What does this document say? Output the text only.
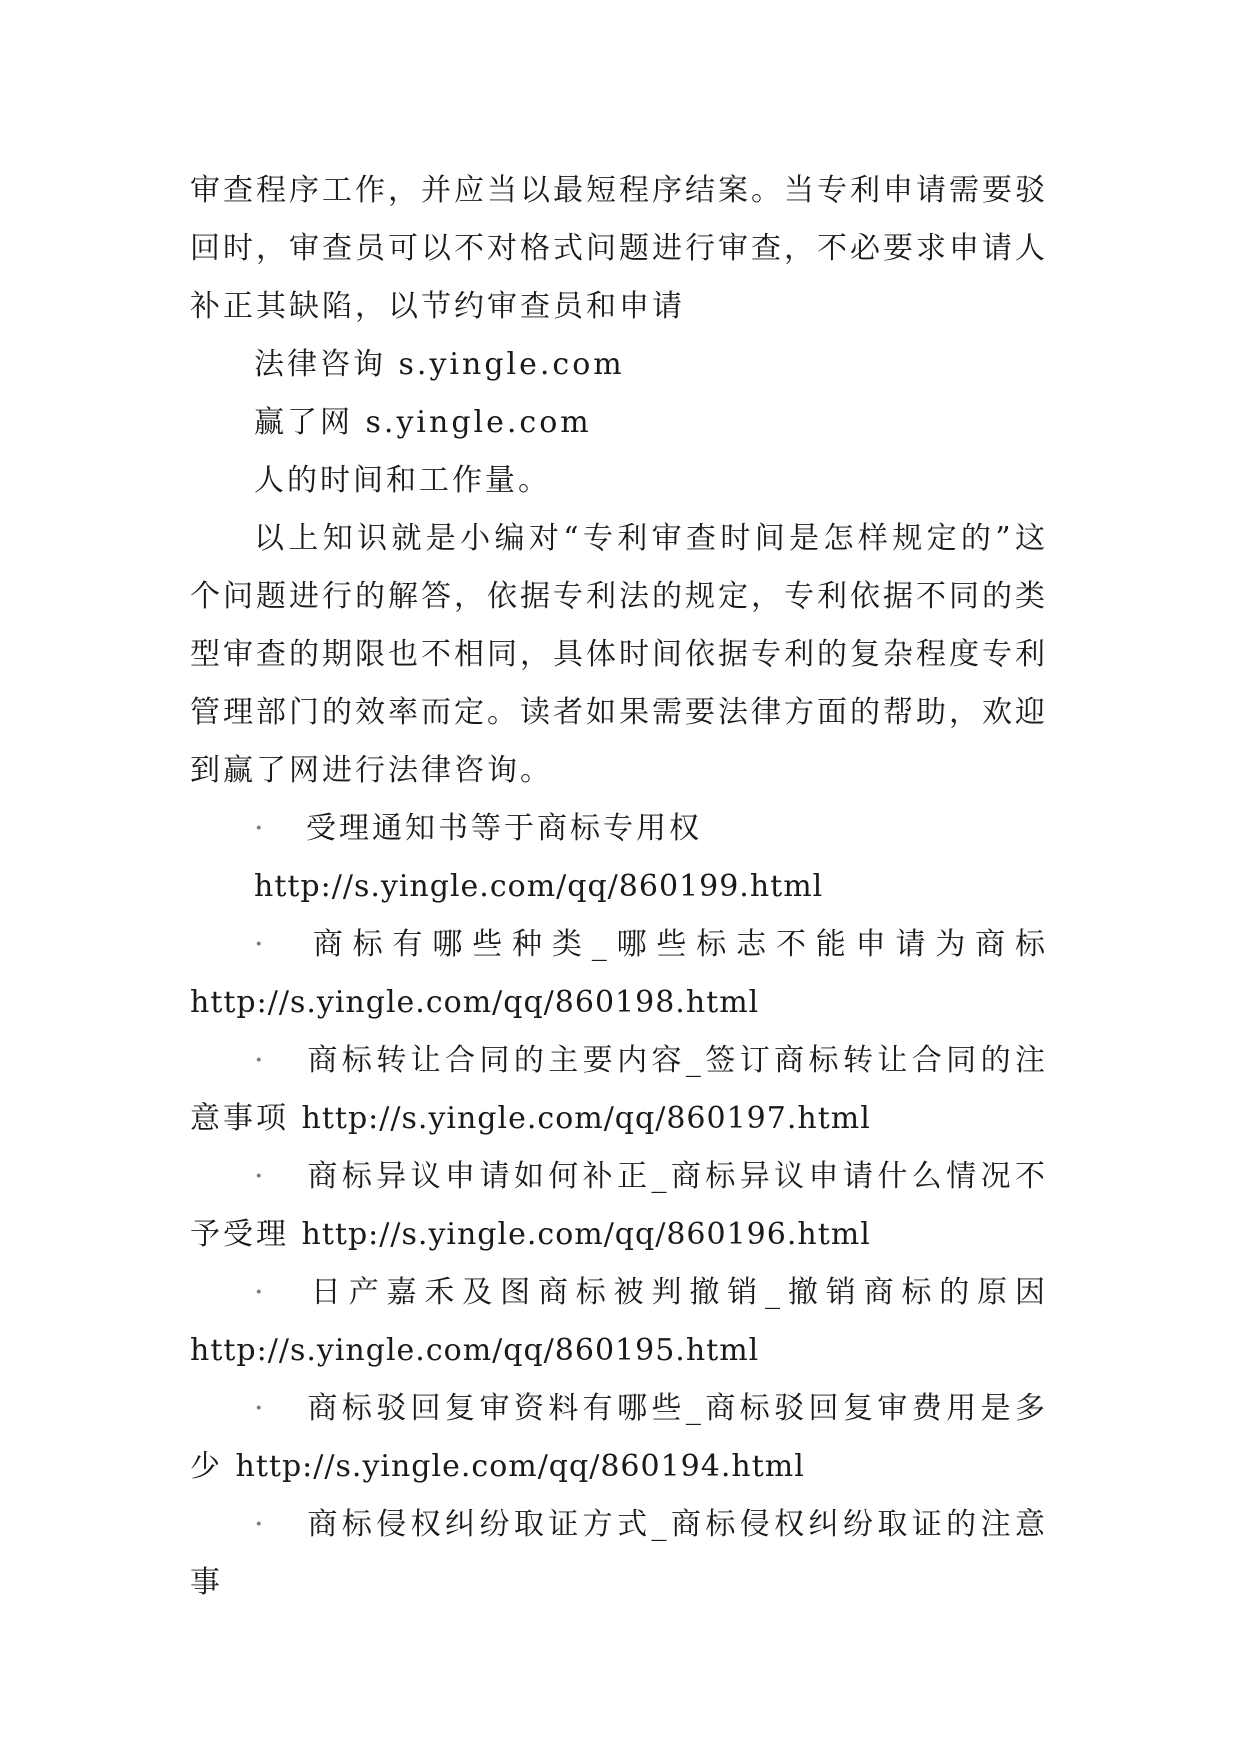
审查程序工作，并应当以最短程序结案。当专利申请需要驳回时，审查员可以不对格式问题进行审查，不必要求申请人补正其缺陷，以节约审查员和申请

法律咨询 s.yingle.com

赢了网 s.yingle.com

人的时间和工作量。

以上知识就是小编对“专利审查时间是怎样规定的”这个问题进行的解答，依据专利法的规定，专利依据不同的类型审查的期限也不相同，具体时间依据专利的复杂程度专利管理部门的效率而定。读者如果需要法律方面的帮助，欢迎到赢了网进行法律咨询。

· 受理通知书等于商标专用权

http://s.yingle.com/qq/860199.html

· 商标有哪些种类_哪些标志不能申请为商标 http://s.yingle.com/qq/860198.html

· 商标转让合同的主要内容_签订商标转让合同的注意事项 http://s.yingle.com/qq/860197.html

· 商标异议申请如何补正_商标异议申请什么情况不予受理 http://s.yingle.com/qq/860196.html

· 日产嘉禾及图商标被判撤销_撤销商标的原因 http://s.yingle.com/qq/860195.html

· 商标驳回复审资料有哪些_商标驳回复审费用是多少 http://s.yingle.com/qq/860194.html

· 商标侵权纠纷取证方式_商标侵权纠纷取证的注意事
